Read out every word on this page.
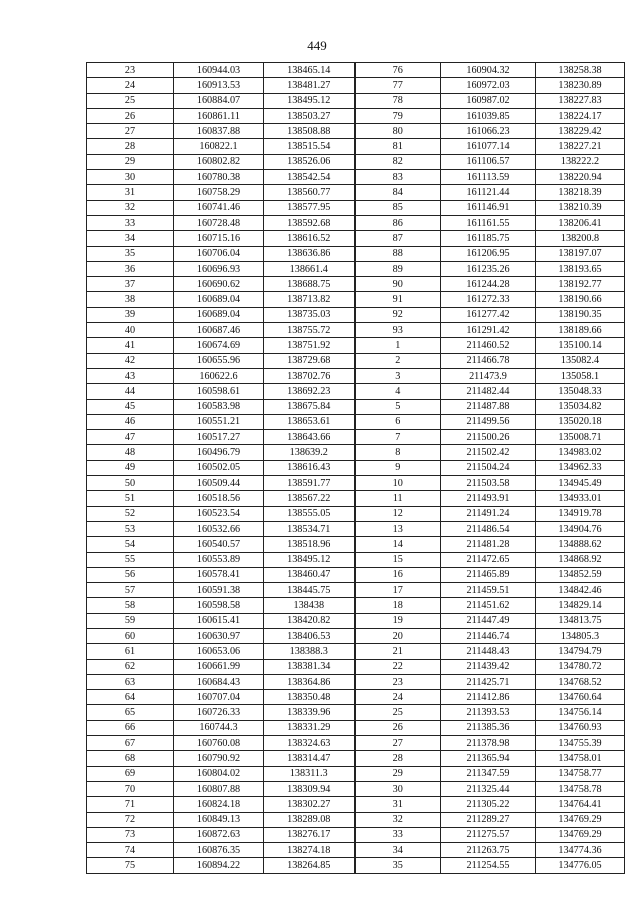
449
23	160944.03	138465.14	76	160904.32	138258.38
24	160913.53	138481.27	77	160972.03	138230.89
25	160884.07	138495.12	78	160987.02	138227.83
26	160861.11	138503.27	79	161039.85	138224.17
27	160837.88	138508.88	80	161066.23	138229.42
28	160822.1	138515.54	81	161077.14	138227.21
29	160802.82	138526.06	82	161106.57	138222.2
30	160780.38	138542.54	83	161113.59	138220.94
31	160758.29	138560.77	84	161121.44	138218.39
32	160741.46	138577.95	85	161146.91	138210.39
33	160728.48	138592.68	86	161161.55	138206.41
34	160715.16	138616.52	87	161185.75	138200.8
35	160706.04	138636.86	88	161206.95	138197.07
36	160696.93	138661.4	89	161235.26	138193.65
37	160690.62	138688.75	90	161244.28	138192.77
38	160689.04	138713.82	91	161272.33	138190.66
39	160689.04	138735.03	92	161277.42	138190.35
40	160687.46	138755.72	93	161291.42	138189.66
41	160674.69	138751.92	1	211460.52	135100.14
42	160655.96	138729.68	2	211466.78	135082.4
43	160622.6	138702.76	3	211473.9	135058.1
44	160598.61	138692.23	4	211482.44	135048.33
45	160583.98	138675.84	5	211487.88	135034.82
46	160551.21	138653.61	6	211499.56	135020.18
47	160517.27	138643.66	7	211500.26	135008.71
48	160496.79	138639.2	8	211502.42	134983.02
49	160502.05	138616.43	9	211504.24	134962.33
50	160509.44	138591.77	10	211503.58	134945.49
51	160518.56	138567.22	11	211493.91	134933.01
52	160523.54	138555.05	12	211491.24	134919.78
53	160532.66	138534.71	13	211486.54	134904.76
54	160540.57	138518.96	14	211481.28	134888.62
55	160553.89	138495.12	15	211472.65	134868.92
56	160578.41	138460.47	16	211465.89	134852.59
57	160591.38	138445.75	17	211459.51	134842.46
58	160598.58	138438	18	211451.62	134829.14
59	160615.41	138420.82	19	211447.49	134813.75
60	160630.97	138406.53	20	211446.74	134805.3
61	160653.06	138388.3	21	211448.43	134794.79
62	160661.99	138381.34	22	211439.42	134780.72
63	160684.43	138364.86	23	211425.71	134768.52
64	160707.04	138350.48	24	211412.86	134760.64
65	160726.33	138339.96	25	211393.53	134756.14
66	160744.3	138331.29	26	211385.36	134760.93
67	160760.08	138324.63	27	211378.98	134755.39
68	160790.92	138314.47	28	211365.94	134758.01
69	160804.02	138311.3	29	211347.59	134758.77
70	160807.88	138309.94	30	211325.44	134758.78
71	160824.18	138302.27	31	211305.22	134764.41
72	160849.13	138289.08	32	211289.27	134769.29
73	160872.63	138276.17	33	211275.57	134769.29
74	160876.35	138274.18	34	211263.75	134774.36
75	160894.22	138264.85	35	211254.55	134776.05
